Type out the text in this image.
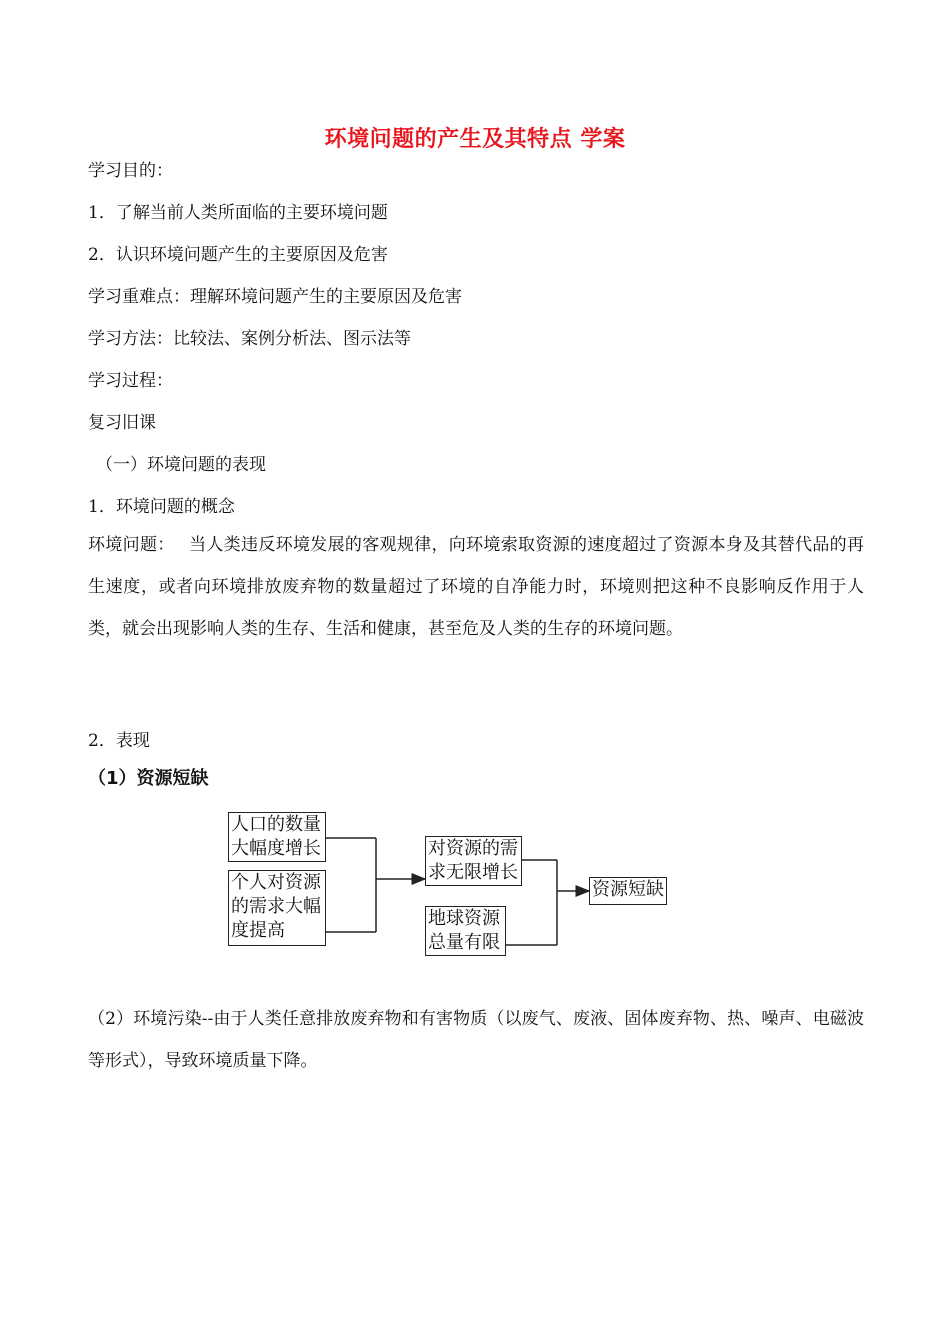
环境问题的产生及其特点 学案
学习目的：
1．了解当前人类所面临的主要环境问题
2．认识环境问题产生的主要原因及危害
学习重难点：理解环境问题产生的主要原因及危害
学习方法：比较法、案例分析法、图示法等
学习过程：
复习旧课
（一）环境问题的表现
1．环境问题的概念
环境问题：　 当人类违反环境发展的客观规律，向环境索取资源的速度超过了资源本身及其替代品的再生速度，或者向环境排放废弃物的数量超过了环境的自净能力时，环境则把这种不良影响反作用于人类，就会出现影响人类的生存、生活和健康，甚至危及人类的生存的环境问题。
2．表现
（1）资源短缺
人口的数量大幅度增长
个人对资源的需求大幅度提高
对资源的需求无限增长
地球资源总量有限
资源短缺
（2）环境污染--由于人类任意排放废弃物和有害物质（以废气、废液、固体废弃物、热、噪声、电磁波等形式），导致环境质量下降。
